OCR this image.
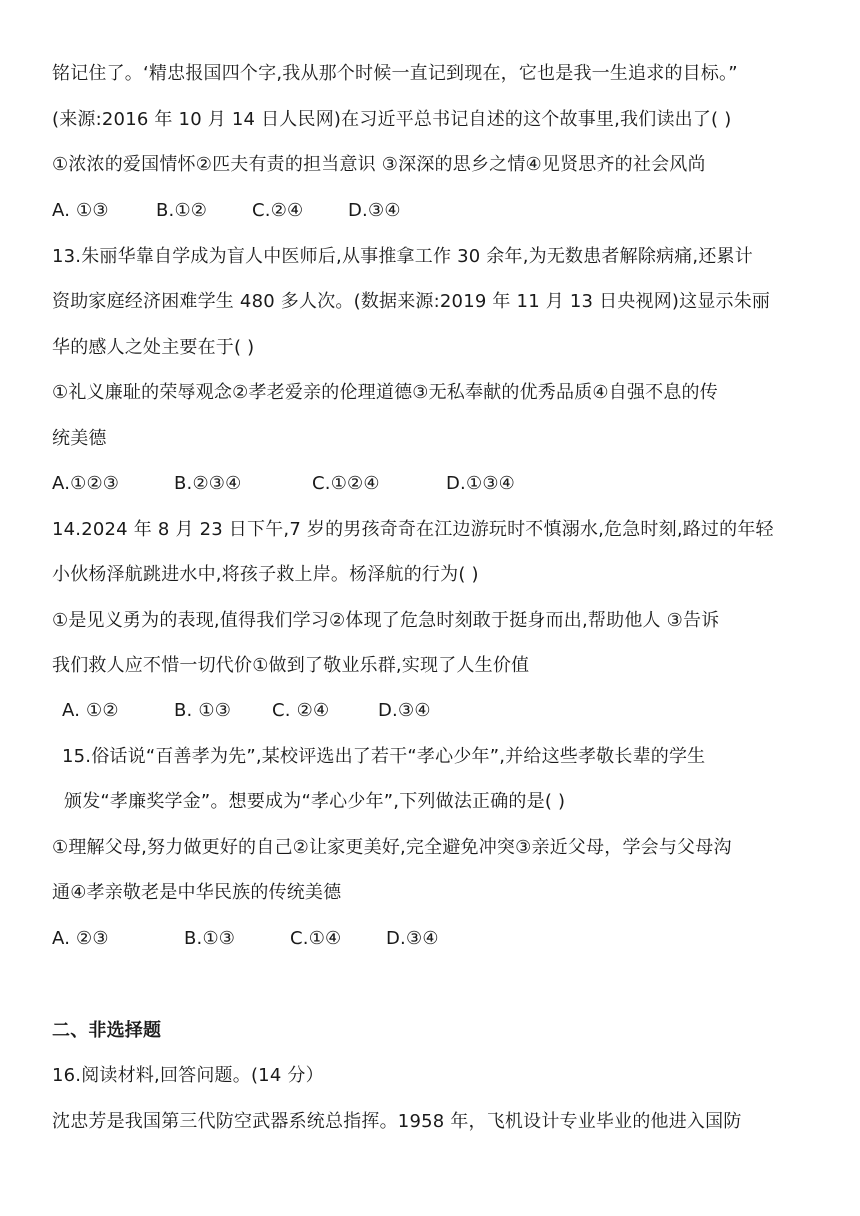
铭记住了。‘精忠报国四个字,我从那个时候一直记到现在，它也是我一生追求的目标。”
(来源:2016 年 10 月 14 日人民网)在习近平总书记自述的这个故事里,我们读出了( )
①浓浓的爱国情怀②匹夫有责的担当意识 ③深深的思乡之情④见贤思齐的社会风尚
A. ①③	B.①② C.②④ D.③④
13.朱丽华靠自学成为盲人中医师后,从事推拿工作 30 余年,为无数患者解除病痛,还累计
资助家庭经济困难学生 480 多人次。(数据来源:2019 年 11 月 13 日央视网)这显示朱丽
华的感人之处主要在于( )
①礼义廉耻的荣辱观念②孝老爱亲的伦理道德③无私奉献的优秀品质④自强不息的传
统美德
A.①②③	B.②③④	C.①②④	D.①③④
14.2024 年 8 月 23 日下午,7 岁的男孩奇奇在江边游玩时不慎溺水,危急时刻,路过的年轻
小伙杨泽航跳进水中,将孩子救上岸。杨泽航的行为( )
①是见义勇为的表现,值得我们学习②体现了危急时刻敢于挺身而出,帮助他人 ③告诉
我们救人应不惜一切代价①做到了敬业乐群,实现了人生价值
A. ①②	B. ①③ C. ②④	D.③④
15.俗话说“百善孝为先”,某校评选出了若干“孝心少年”,并给这些孝敬长辈的学生
颁发“孝廉奖学金”。想要成为“孝心少年”,下列做法正确的是( )
①理解父母,努力做更好的自己②让家更美好,完全避免冲突③亲近父母，学会与父母沟
通④孝亲敬老是中华民族的传统美德
A. ②③	B.①③	C.①④ D.③④
二、非选择题
16.阅读材料,回答问题。(14 分）
沈忠芳是我国第三代防空武器系统总指挥。1958 年，飞机设计专业毕业的他进入国防
